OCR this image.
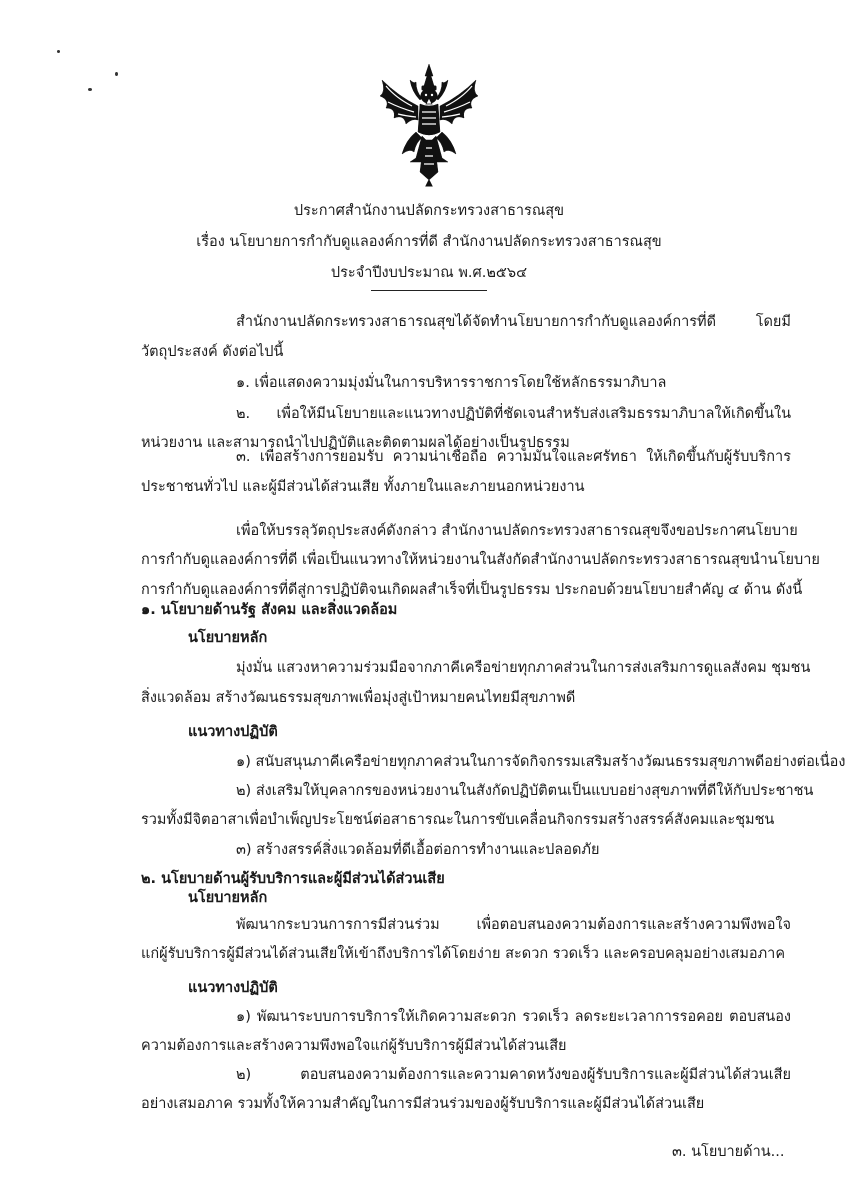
ประกาศสำนักงานปลัดกระทรวงสาธารณสุข
เรื่อง นโยบายการกำกับดูแลองค์การที่ดี สำนักงานปลัดกระทรวงสาธารณสุข
ประจำปีงบประมาณ พ.ศ.๒๕๖๔
สำนักงานปลัดกระทรวงสาธารณสุขได้จัดทำนโยบายการกำกับดูแลองค์การที่ดี โดยมี
วัตถุประสงค์ ดังต่อไปนี้
๑. เพื่อแสดงความมุ่งมั่นในการบริหารราชการโดยใช้หลักธรรมาภิบาล
๒. เพื่อให้มีนโยบายและแนวทางปฏิบัติที่ชัดเจนสำหรับส่งเสริมธรรมาภิบาลให้เกิดขึ้นใน
หน่วยงาน และสามารถนำไปปฏิบัติและติดตามผลได้อย่างเป็นรูปธรรม
๓. เพื่อสร้างการยอมรับ ความน่าเชื่อถือ ความมั่นใจและศรัทธา ให้เกิดขึ้นกับผู้รับบริการ
ประชาชนทั่วไป และผู้มีส่วนได้ส่วนเสีย ทั้งภายในและภายนอกหน่วยงาน
เพื่อให้บรรลุวัตถุประสงค์ดังกล่าว สำนักงานปลัดกระทรวงสาธารณสุขจึงขอประกาศนโยบาย
การกำกับดูแลองค์การที่ดี เพื่อเป็นแนวทางให้หน่วยงานในสังกัดสำนักงานปลัดกระทรวงสาธารณสุขนำนโยบาย
การกำกับดูแลองค์การที่ดีสู่การปฏิบัติจนเกิดผลสำเร็จที่เป็นรูปธรรม ประกอบด้วยนโยบายสำคัญ ๔ ด้าน ดังนี้
๑. นโยบายด้านรัฐ สังคม และสิ่งแวดล้อม
นโยบายหลัก
มุ่งมั่น แสวงหาความร่วมมือจากภาคีเครือข่ายทุกภาคส่วนในการส่งเสริมการดูแลสังคม ชุมชน
สิ่งแวดล้อม สร้างวัฒนธรรมสุขภาพเพื่อมุ่งสู่เป้าหมายคนไทยมีสุขภาพดี
แนวทางปฏิบัติ
๑) สนับสนุนภาคีเครือข่ายทุกภาคส่วนในการจัดกิจกรรมเสริมสร้างวัฒนธรรมสุขภาพดีอย่างต่อเนื่อง
๒) ส่งเสริมให้บุคลากรของหน่วยงานในสังกัดปฏิบัติตนเป็นแบบอย่างสุขภาพที่ดีให้กับประชาชน
รวมทั้งมีจิตอาสาเพื่อบำเพ็ญประโยชน์ต่อสาธารณะในการขับเคลื่อนกิจกรรมสร้างสรรค์สังคมและชุมชน
๓) สร้างสรรค์สิ่งแวดล้อมที่ดีเอื้อต่อการทำงานและปลอดภัย
๒. นโยบายด้านผู้รับบริการและผู้มีส่วนได้ส่วนเสีย
นโยบายหลัก
พัฒนากระบวนการการมีส่วนร่วม เพื่อตอบสนองความต้องการและสร้างความพึงพอใจ
แก่ผู้รับบริการผู้มีส่วนได้ส่วนเสียให้เข้าถึงบริการได้โดยง่าย สะดวก รวดเร็ว และครอบคลุมอย่างเสมอภาค
แนวทางปฏิบัติ
๑) พัฒนาระบบการบริการให้เกิดความสะดวก รวดเร็ว ลดระยะเวลาการรอคอย ตอบสนอง
ความต้องการและสร้างความพึงพอใจแก่ผู้รับบริการผู้มีส่วนได้ส่วนเสีย
๒) ตอบสนองความต้องการและความคาดหวังของผู้รับบริการและผู้มีส่วนได้ส่วนเสีย
อย่างเสมอภาค รวมทั้งให้ความสำคัญในการมีส่วนร่วมของผู้รับบริการและผู้มีส่วนได้ส่วนเสีย
๓. นโยบายด้าน...
